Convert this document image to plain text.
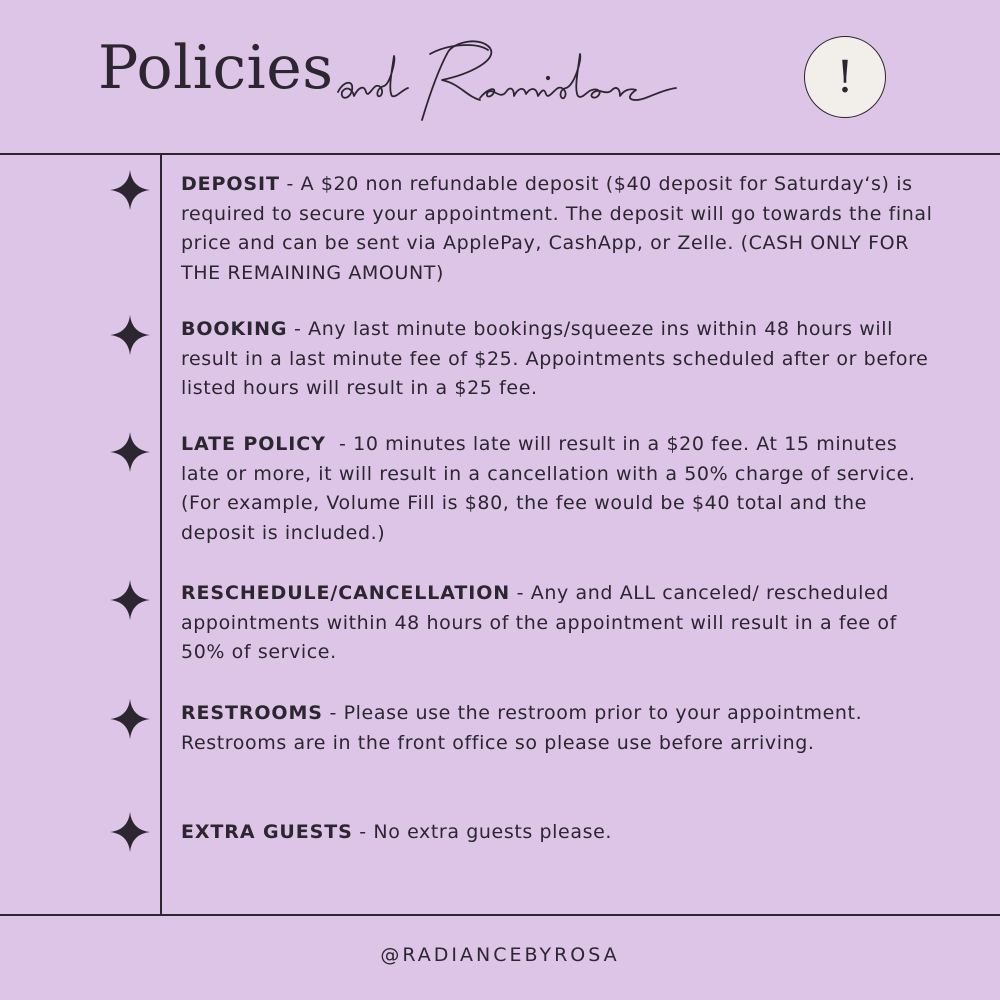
Policies	!

DEPOSIT - A $20 non refundable deposit ($40 deposit for Saturday‘s) is required to secure your appointment. The deposit will go towards the final price and can be sent via ApplePay, CashApp, or Zelle. (CASH ONLY FOR THE REMAINING AMOUNT)

BOOKING - Any last minute bookings/squeeze ins within 48 hours will result in a last minute fee of $25. Appointments scheduled after or before listed hours will result in a $25 fee.

LATE POLICY  - 10 minutes late will result in a $20 fee. At 15 minutes late or more, it will result in a cancellation with a 50% charge of service. (For example, Volume Fill is $80, the fee would be $40 total and the deposit is included.)

RESCHEDULE/CANCELLATION - Any and ALL canceled/ rescheduled appointments within 48 hours of the appointment will result in a fee of 50% of service.

RESTROOMS - Please use the restroom prior to your appointment. Restrooms are in the front office so please use before arriving.

EXTRA GUESTS - No extra guests please.

@RADIANCEBYROSA
